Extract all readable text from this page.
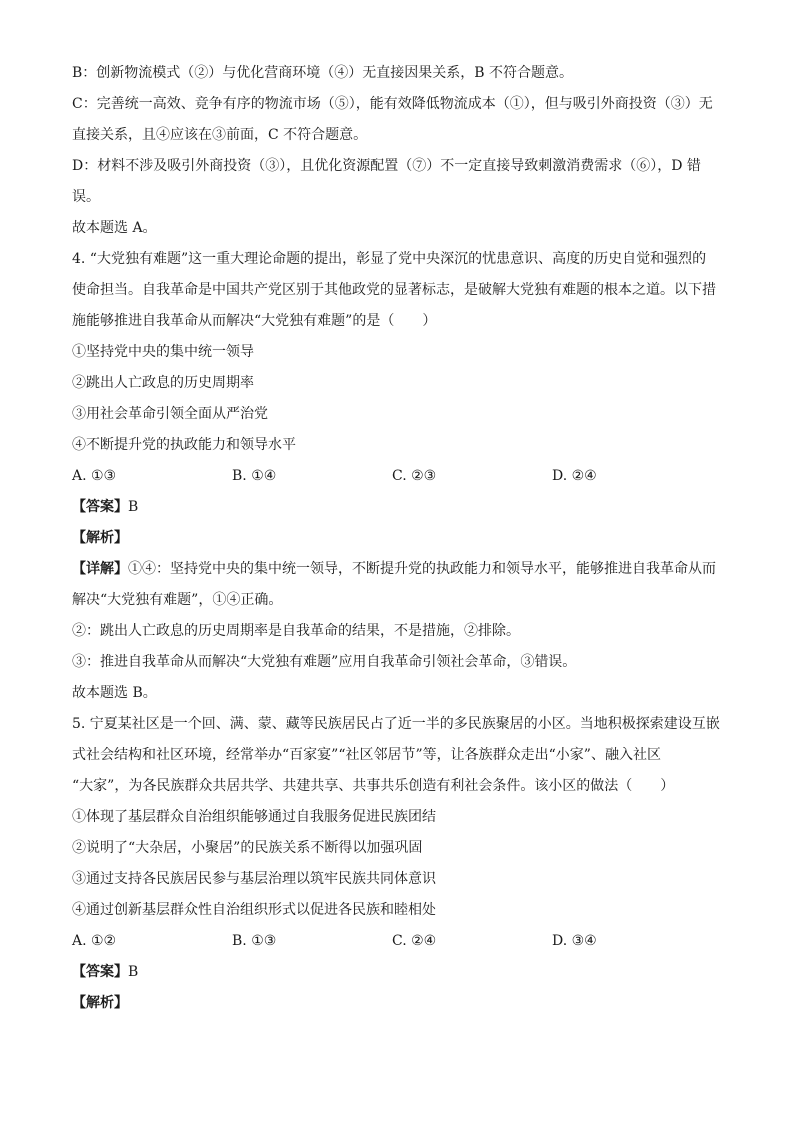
B：创新物流模式（②）与优化营商环境（④）无直接因果关系，B 不符合题意。
C：完善统一高效、竞争有序的物流市场（⑤），能有效降低物流成本（①），但与吸引外商投资（③）无
直接关系，且④应该在③前面，C 不符合题意。
D：材料不涉及吸引外商投资（③），且优化资源配置（⑦）不一定直接导致刺激消费需求（⑥），D 错
误。
故本题选 A。
4. “大党独有难题”这一重大理论命题的提出，彰显了党中央深沉的忧患意识、高度的历史自觉和强烈的
使命担当。自我革命是中国共产党区别于其他政党的显著标志，是破解大党独有难题的根本之道。以下措
施能够推进自我革命从而解决“大党独有难题”的是（　　）
①坚持党中央的集中统一领导
②跳出人亡政息的历史周期率
③用社会革命引领全面从严治党
④不断提升党的执政能力和领导水平
A. ①③	B. ①④	C. ②③	D. ②④
【答案】B
【解析】
【详解】①④：坚持党中央的集中统一领导，不断提升党的执政能力和领导水平，能够推进自我革命从而
解决“大党独有难题”，①④正确。
②：跳出人亡政息的历史周期率是自我革命的结果，不是措施，②排除。
③：推进自我革命从而解决“大党独有难题”应用自我革命引领社会革命，③错误。
故本题选 B。
5. 宁夏某社区是一个回、满、蒙、藏等民族居民占了近一半的多民族聚居的小区。当地积极探索建设互嵌
式社会结构和社区环境，经常举办“百家宴”“社区邻居节”等，让各族群众走出“小家”、融入社区
“大家”，为各民族群众共居共学、共建共享、共事共乐创造有利社会条件。该小区的做法（　　）
①体现了基层群众自治组织能够通过自我服务促进民族团结
②说明了“大杂居，小聚居”的民族关系不断得以加强巩固
③通过支持各民族居民参与基层治理以筑牢民族共同体意识
④通过创新基层群众性自治组织形式以促进各民族和睦相处
A. ①②	B. ①③	C. ②④	D. ③④
【答案】B
【解析】
